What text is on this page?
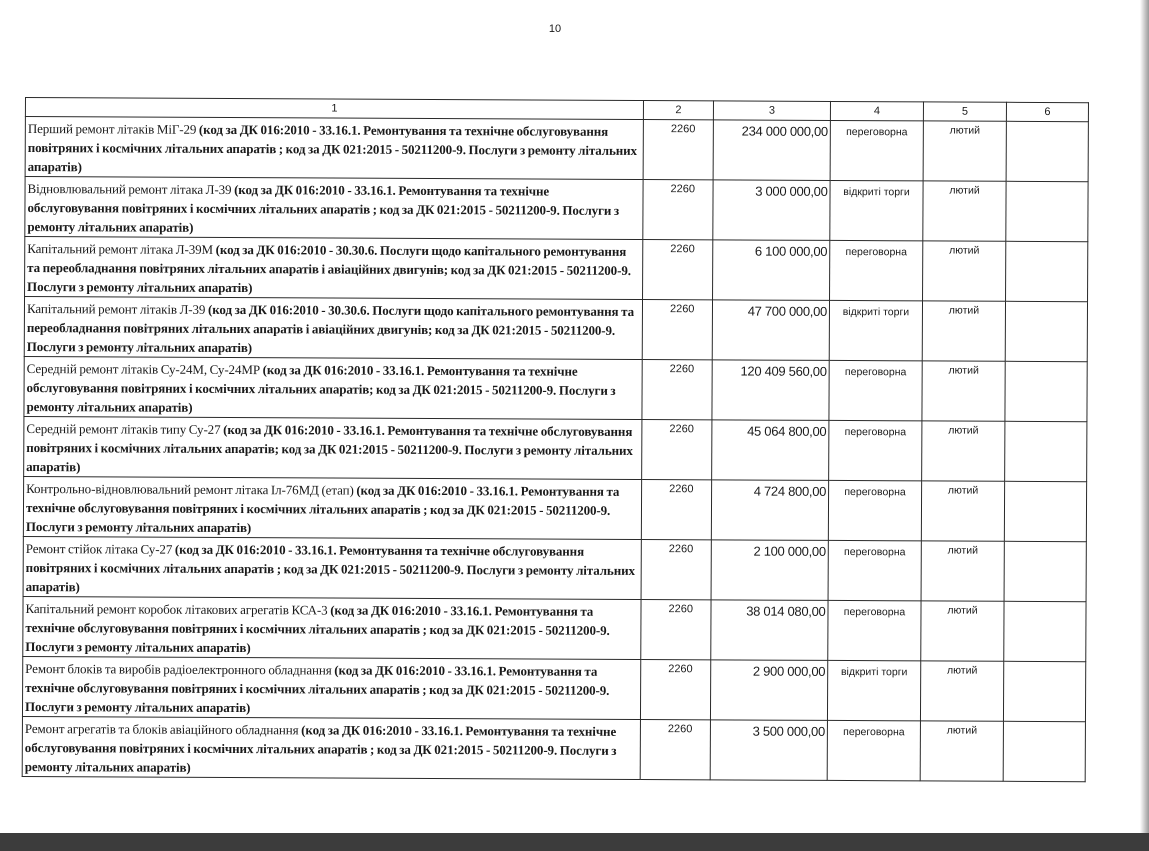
10
1	2	3	4	5	6
Перший ремонт літаків МіГ-29 (код за ДК 016:2010 - 33.16.1. Ремонтування та технічне обслуговування повітряних і космічних літальних апаратів ; код за ДК 021:2015 - 50211200-9. Послуги з ремонту літальних апаратів)	2260	234 000 000,00	переговорна	лютий	
Відновлювальний ремонт літака Л-39 (код за ДК 016:2010 - 33.16.1. Ремонтування та технічне обслуговування повітряних і космічних літальних апаратів ; код за ДК 021:2015 - 50211200-9. Послуги з ремонту літальних апаратів)	2260	3 000 000,00	відкриті торги	лютий	
Капітальний ремонт літака Л-39М (код за ДК 016:2010 - 30.30.6. Послуги щодо капітального ремонтування та переобладнання повітряних літальних апаратів і авіаційних двигунів; код за ДК 021:2015 - 50211200-9. Послуги з ремонту літальних апаратів)	2260	6 100 000,00	переговорна	лютий	
Капітальний ремонт літаків Л-39 (код за ДК 016:2010 - 30.30.6. Послуги щодо капітального ремонтування та переобладнання повітряних літальних апаратів і авіаційних двигунів; код за ДК 021:2015 - 50211200-9. Послуги з ремонту літальних апаратів)	2260	47 700 000,00	відкриті торги	лютий	
Середній ремонт літаків Су-24М, Су-24МР (код за ДК 016:2010 - 33.16.1. Ремонтування та технічне обслуговування повітряних і космічних літальних апаратів; код за ДК 021:2015 - 50211200-9. Послуги з ремонту літальних апаратів)	2260	120 409 560,00	переговорна	лютий	
Середній ремонт літаків типу Су-27 (код за ДК 016:2010 - 33.16.1. Ремонтування та технічне обслуговування повітряних і космічних літальних апаратів; код за ДК 021:2015 - 50211200-9. Послуги з ремонту літальних апаратів)	2260	45 064 800,00	переговорна	лютий	
Контрольно-відновлювальний ремонт літака Іл-76МД (етап) (код за ДК 016:2010 - 33.16.1. Ремонтування та технічне обслуговування повітряних і космічних літальних апаратів ; код за ДК 021:2015 - 50211200-9. Послуги з ремонту літальних апаратів)	2260	4 724 800,00	переговорна	лютий	
Ремонт стійок літака Су-27 (код за ДК 016:2010 - 33.16.1. Ремонтування та технічне обслуговування повітряних і космічних літальних апаратів ; код за ДК 021:2015 - 50211200-9. Послуги з ремонту літальних апаратів)	2260	2 100 000,00	переговорна	лютий	
Капітальний ремонт коробок літакових агрегатів КСА-3 (код за ДК 016:2010 - 33.16.1. Ремонтування та технічне обслуговування повітряних і космічних літальних апаратів ; код за ДК 021:2015 - 50211200-9. Послуги з ремонту літальних апаратів)	2260	38 014 080,00	переговорна	лютий	
Ремонт блоків та виробів радіоелектронного обладнання (код за ДК 016:2010 - 33.16.1. Ремонтування та технічне обслуговування повітряних і космічних літальних апаратів ; код за ДК 021:2015 - 50211200-9. Послуги з ремонту літальних апаратів)	2260	2 900 000,00	відкриті торги	лютий	
Ремонт агрегатів та блоків авіаційного обладнання (код за ДК 016:2010 - 33.16.1. Ремонтування та технічне обслуговування повітряних і космічних літальних апаратів ; код за ДК 021:2015 - 50211200-9. Послуги з ремонту літальних апаратів)	2260	3 500 000,00	переговорна	лютий	
